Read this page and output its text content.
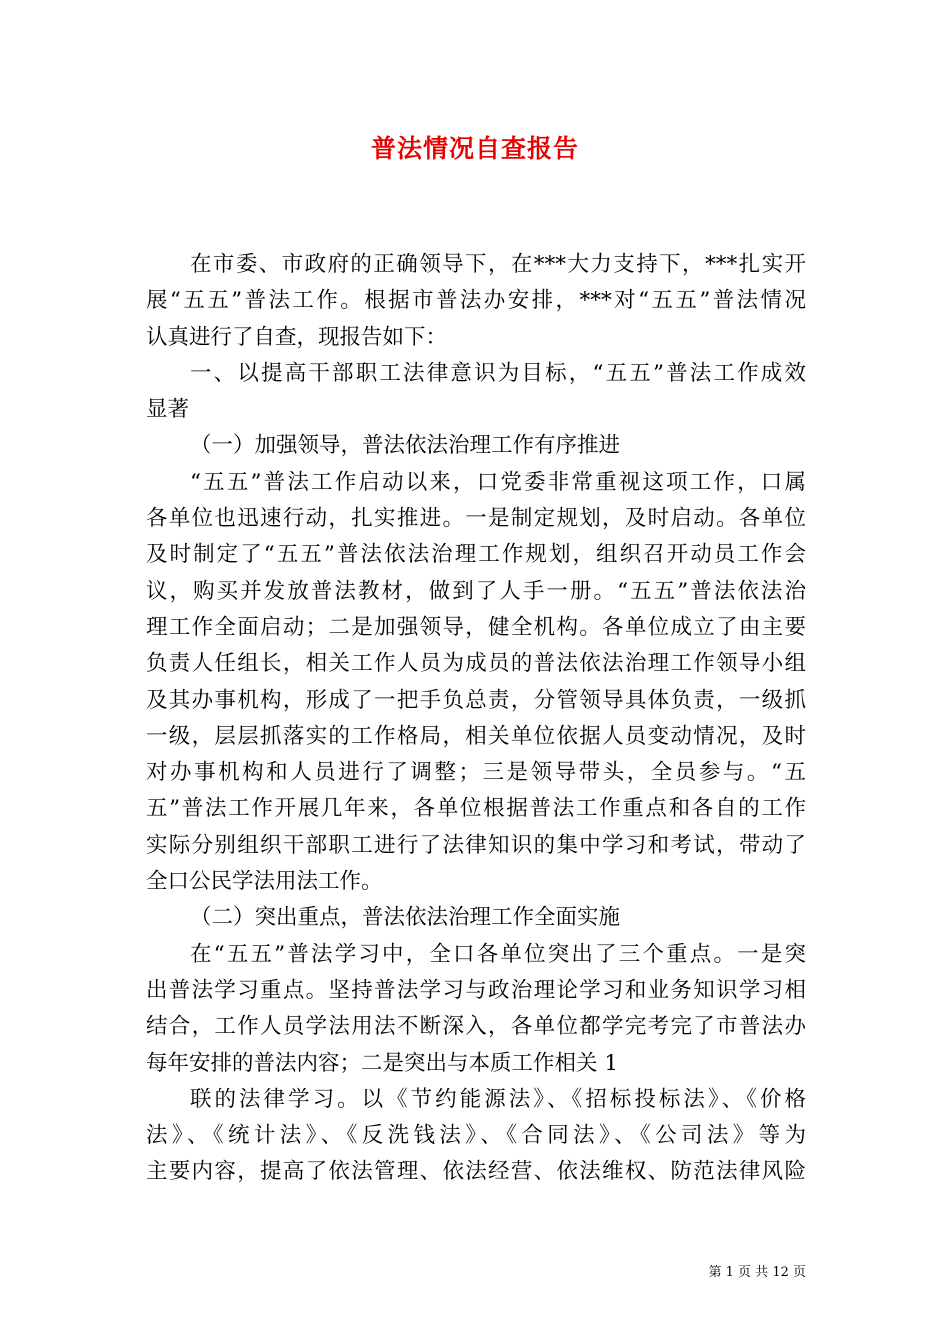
普法情况自查报告
在市委、市政府的正确领导下，在***大力支持下，***扎实开
展“五五”普法工作。根据市普法办安排，***对“五五”普法情况
认真进行了自查，现报告如下：
一、以提高干部职工法律意识为目标，“五五”普法工作成效
显著
（一）加强领导，普法依法治理工作有序推进
“五五”普法工作启动以来，口党委非常重视这项工作，口属
各单位也迅速行动，扎实推进。一是制定规划，及时启动。各单位
及时制定了“五五”普法依法治理工作规划，组织召开动员工作会
议，购买并发放普法教材，做到了人手一册。“五五”普法依法治
理工作全面启动；二是加强领导，健全机构。各单位成立了由主要
负责人任组长，相关工作人员为成员的普法依法治理工作领导小组
及其办事机构，形成了一把手负总责，分管领导具体负责，一级抓
一级，层层抓落实的工作格局，相关单位依据人员变动情况，及时
对办事机构和人员进行了调整；三是领导带头，全员参与。“五
五”普法工作开展几年来，各单位根据普法工作重点和各自的工作
实际分别组织干部职工进行了法律知识的集中学习和考试，带动了
全口公民学法用法工作。
（二）突出重点，普法依法治理工作全面实施
在“五五”普法学习中，全口各单位突出了三个重点。一是突
出普法学习重点。坚持普法学习与政治理论学习和业务知识学习相
结合，工作人员学法用法不断深入，各单位都学完考完了市普法办
每年安排的普法内容；二是突出与本质工作相关 1
联的法律学习。以《节约能源法》、《招标投标法》、《价格
法》、《统计法》、《反洗钱法》、《合同法》、《公司法》等为
主要内容，提高了依法管理、依法经营、依法维权、防范法律风险
第 1 页 共 12 页
